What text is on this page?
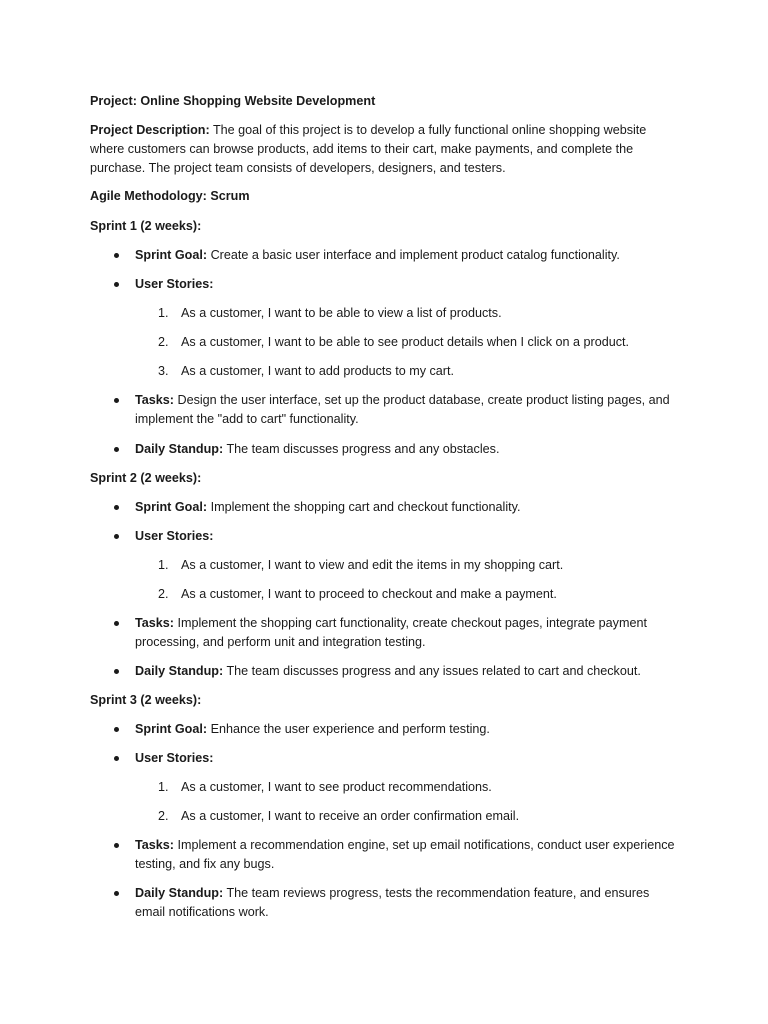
Project: Online Shopping Website Development
Project Description: The goal of this project is to develop a fully functional online shopping website where customers can browse products, add items to their cart, make payments, and complete the purchase. The project team consists of developers, designers, and testers.
Agile Methodology: Scrum
Sprint 1 (2 weeks):
Sprint Goal: Create a basic user interface and implement product catalog functionality.
User Stories:
1. As a customer, I want to be able to view a list of products.
2. As a customer, I want to be able to see product details when I click on a product.
3. As a customer, I want to add products to my cart.
Tasks: Design the user interface, set up the product database, create product listing pages, and implement the "add to cart" functionality.
Daily Standup: The team discusses progress and any obstacles.
Sprint 2 (2 weeks):
Sprint Goal: Implement the shopping cart and checkout functionality.
User Stories:
1. As a customer, I want to view and edit the items in my shopping cart.
2. As a customer, I want to proceed to checkout and make a payment.
Tasks: Implement the shopping cart functionality, create checkout pages, integrate payment processing, and perform unit and integration testing.
Daily Standup: The team discusses progress and any issues related to cart and checkout.
Sprint 3 (2 weeks):
Sprint Goal: Enhance the user experience and perform testing.
User Stories:
1. As a customer, I want to see product recommendations.
2. As a customer, I want to receive an order confirmation email.
Tasks: Implement a recommendation engine, set up email notifications, conduct user experience testing, and fix any bugs.
Daily Standup: The team reviews progress, tests the recommendation feature, and ensures email notifications work.
